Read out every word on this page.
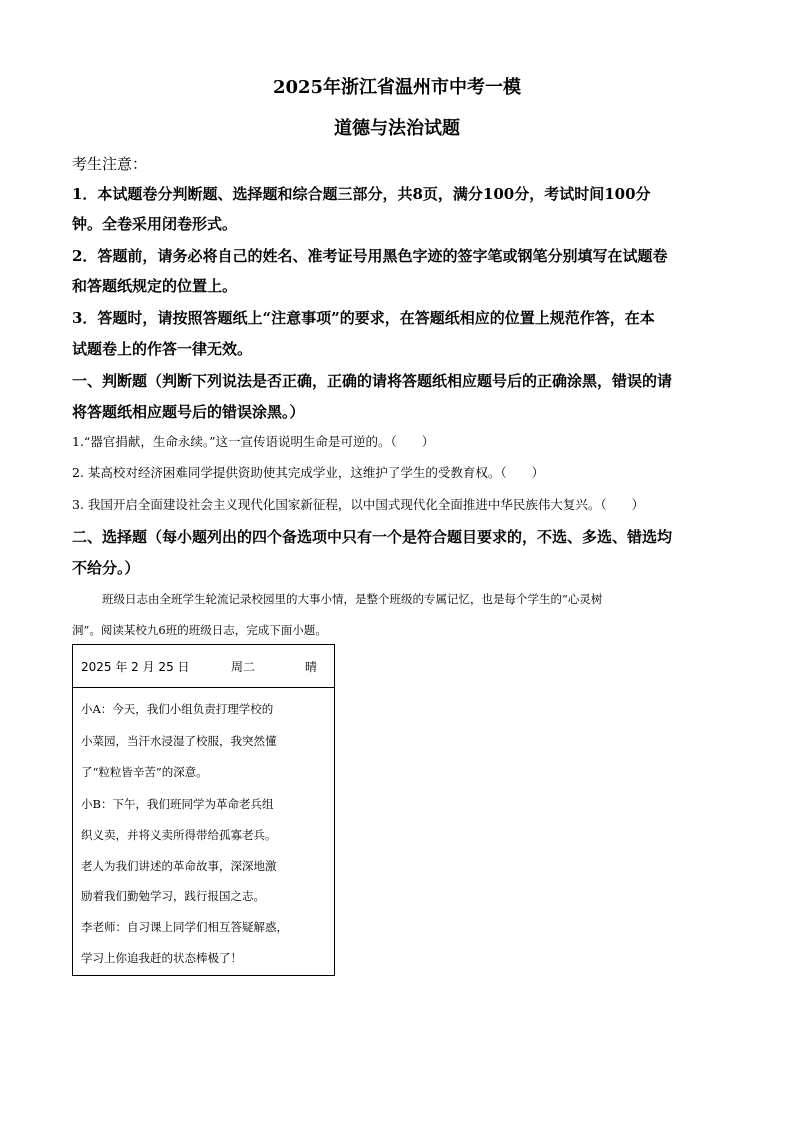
2025年浙江省温州市中考一模
道德与法治试题
考生注意：
1．本试题卷分判断题、选择题和综合题三部分，共8页，满分100分，考试时间100分
钟。全卷采用闭卷形式。
2．答题前，请务必将自己的姓名、准考证号用黑色字迹的签字笔或钢笔分别填写在试题卷
和答题纸规定的位置上。
3．答题时，请按照答题纸上“注意事项”的要求，在答题纸相应的位置上规范作答，在本
试题卷上的作答一律无效。
一、判断题（判断下列说法是否正确，正确的请将答题纸相应题号后的正确涂黑，错误的请
将答题纸相应题号后的错误涂黑。）
1.“器官捐献，生命永续。”这一宣传语说明生命是可逆的。（　　）
2. 某高校对经济困难同学提供资助使其完成学业，这维护了学生的受教育权。（　　）
3. 我国开启全面建设社会主义现代化国家新征程，以中国式现代化全面推进中华民族伟大复兴。（　　）
二、选择题（每小题列出的四个备选项中只有一个是符合题目要求的，不选、多选、错选均
不给分。）
班级日志由全班学生轮流记录校园里的大事小情，是整个班级的专属记忆，也是每个学生的“心灵树
洞”。阅读某校九6班的班级日志，完成下面小题。
2025 年 2 月 25 日	周二	晴
小A：今天，我们小组负责打理学校的
小菜园，当汗水浸湿了校服，我突然懂
了“粒粒皆辛苦”的深意。
小B：下午，我们班同学为革命老兵组
织义卖，并将义卖所得带给孤寡老兵。
老人为我们讲述的革命故事，深深地激
励着我们勤勉学习，践行报国之志。
李老师：自习课上同学们相互答疑解惑，
学习上你追我赶的状态棒极了！
